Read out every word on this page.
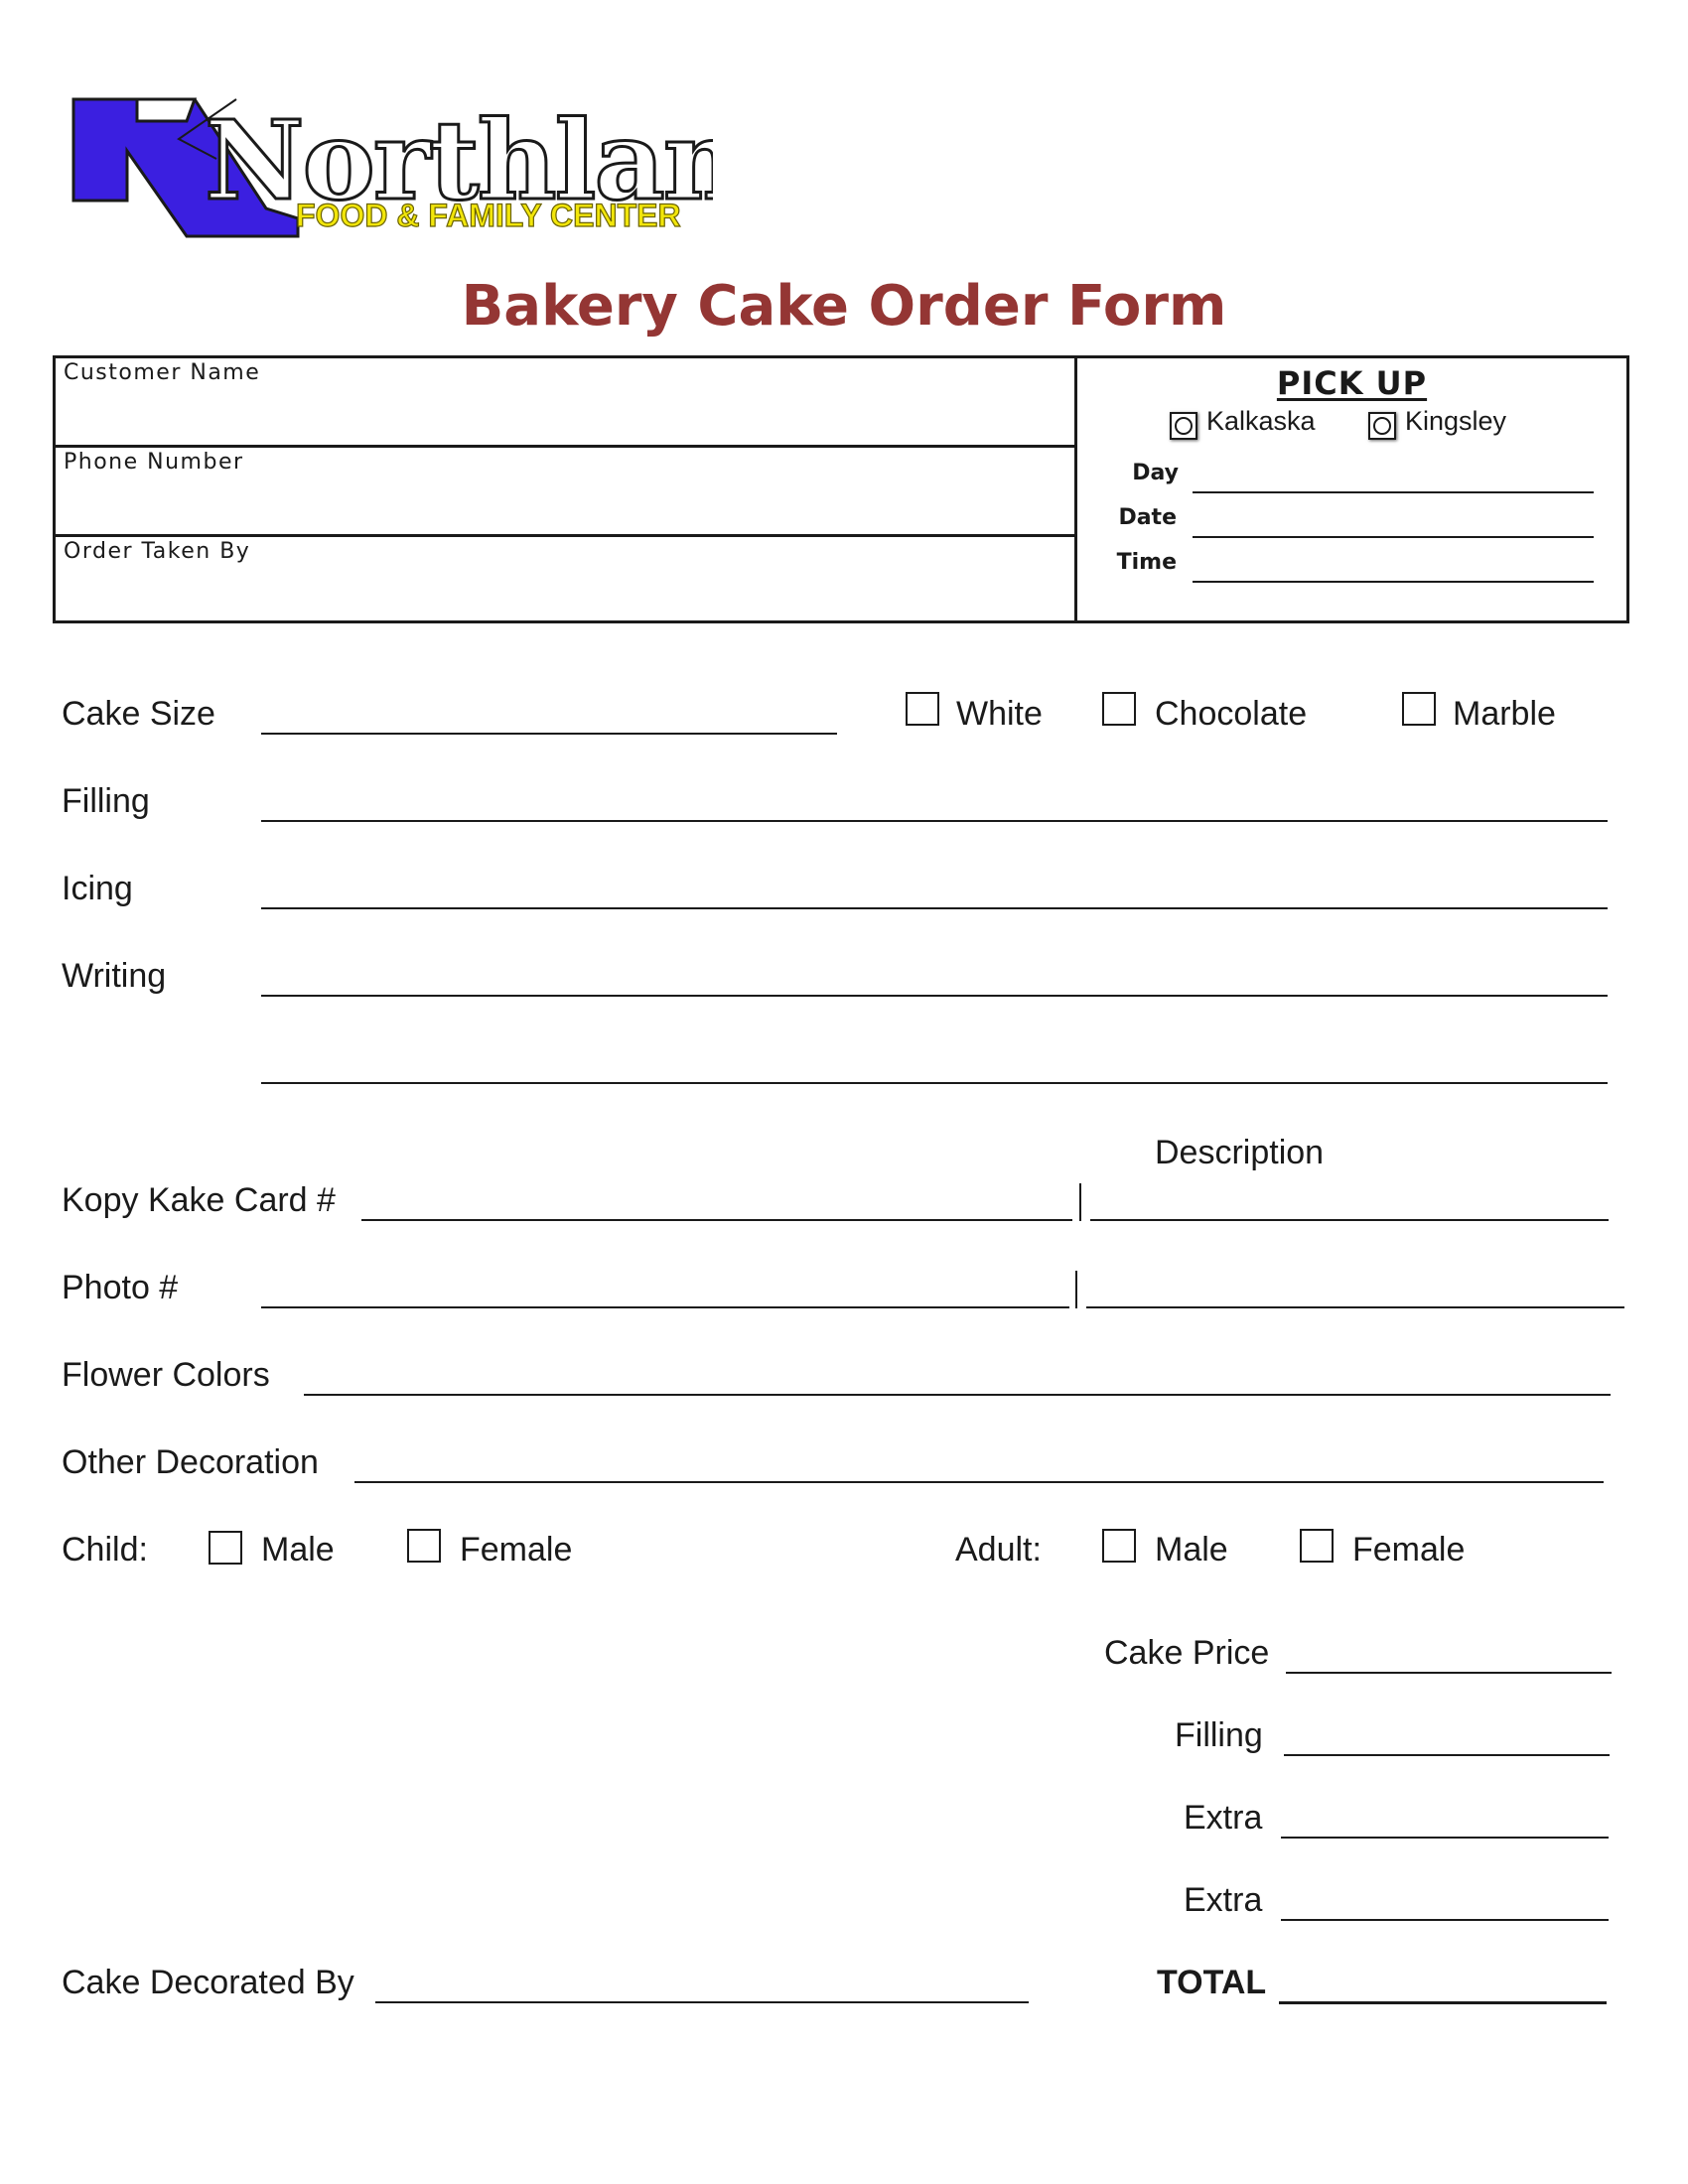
Northlan
FOOD & FAMILY CENTER
Bakery Cake Order Form
Customer Name
Phone Number
Order Taken By
PICK UP
Kalkaska	Kingsley
Day
Date
Time
Cake Size	White	Chocolate	Marble
Filling
Icing
Writing
Description
Kopy Kake Card #
Photo #
Flower Colors
Other Decoration
Child:	Male	Female	Adult:	Male	Female
Cake Price
Filling
Extra
Extra
TOTAL
Cake Decorated By
